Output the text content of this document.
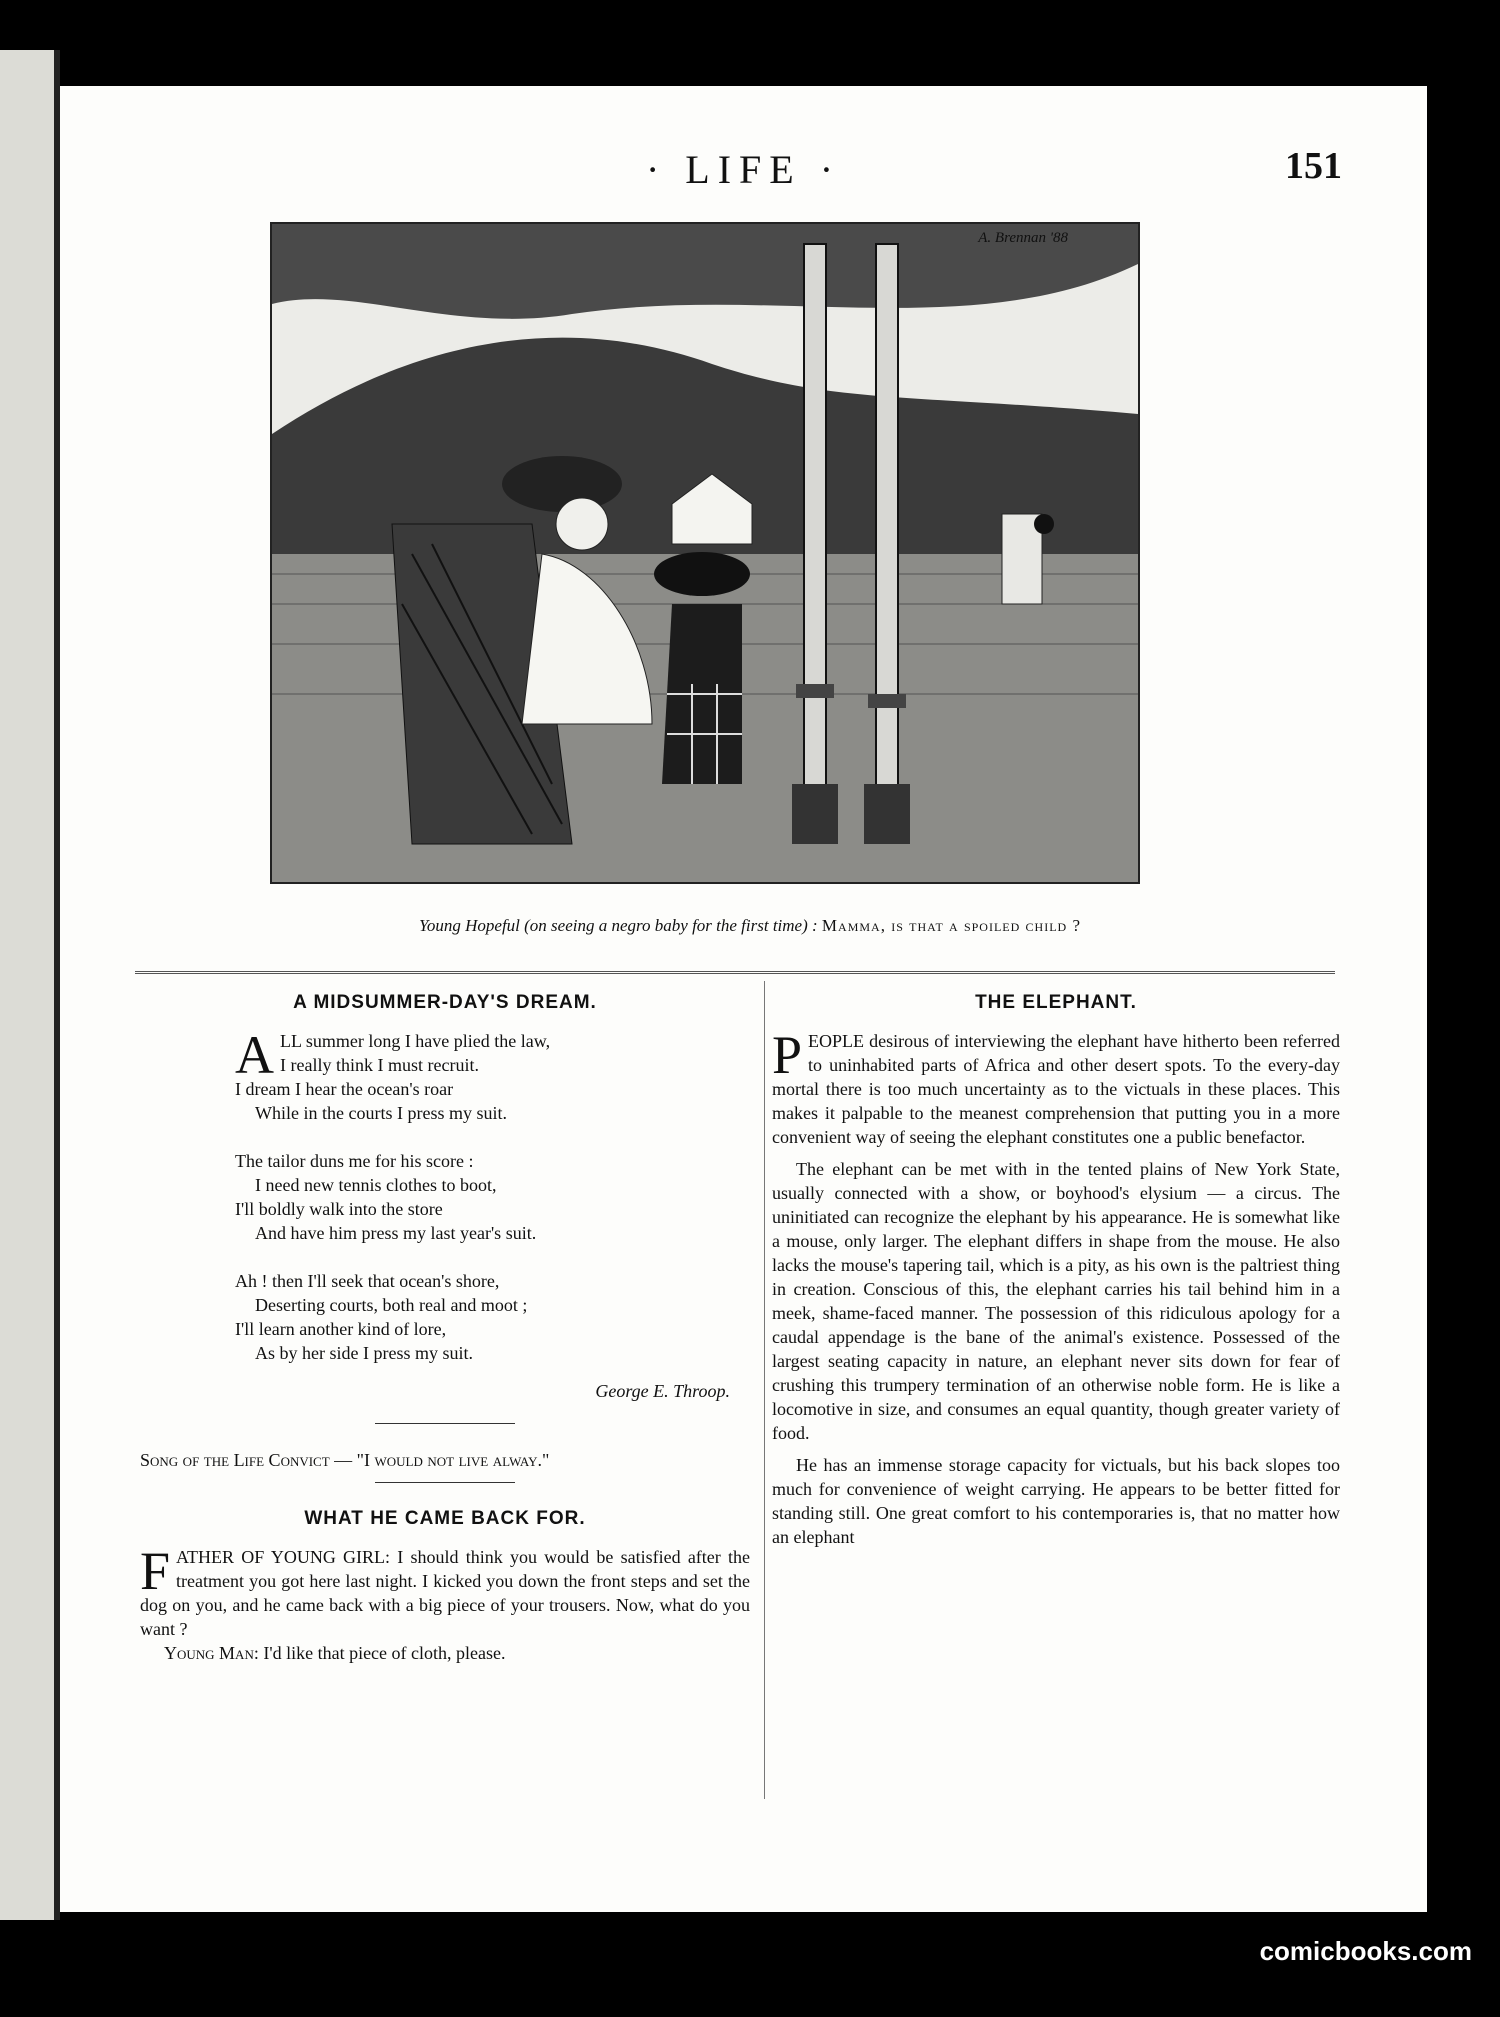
· LIFE ·	151
A. Brennan '88
Young Hopeful (on seeing a negro baby for the first time) : Mamma, is that a spoiled child ?
A MIDSUMMER-DAY'S DREAM.
A LL summer long I have plied the law,

I really think I must recruit.

I dream I hear the ocean's roar

While in the courts I press my suit.

The tailor duns me for his score :

I need new tennis clothes to boot,

I'll boldly walk into the store

And have him press my last year's suit.

Ah ! then I'll seek that ocean's shore,

Deserting courts, both real and moot ;

I'll learn another kind of lore,

As by her side I press my suit.

George E. Throop.

Song of the Life Convict — "I would not live alway."

WHAT HE CAME BACK FOR.

FATHER OF YOUNG GIRL: I should think you would be satisfied after the treatment you got here last night. I kicked you down the front steps and set the dog on you, and he came back with a big piece of your trousers. Now, what do you want ?

Young Man: I'd like that piece of cloth, please.

THE ELEPHANT.

PEOPLE desirous of interviewing the elephant have hitherto been referred to uninhabited parts of Africa and other desert spots. To the every-day mortal there is too much uncertainty as to the victuals in these places. This makes it palpable to the meanest comprehension that putting you in a more convenient way of seeing the elephant constitutes one a public benefactor.

The elephant can be met with in the tented plains of New York State, usually connected with a show, or boyhood's elysium — a circus. The uninitiated can recognize the elephant by his appearance. He is somewhat like a mouse, only larger. The elephant differs in shape from the mouse. He also lacks the mouse's tapering tail, which is a pity, as his own is the paltriest thing in creation. Conscious of this, the elephant carries his tail behind him in a meek, shame-faced manner. The possession of this ridiculous apology for a caudal appendage is the bane of the animal's existence. Possessed of the largest seating capacity in nature, an elephant never sits down for fear of crushing this trumpery termination of an otherwise noble form. He is like a locomotive in size, and consumes an equal quantity, though greater variety of food.

He has an immense storage capacity for victuals, but his back slopes too much for convenience of weight carrying. He appears to be better fitted for standing still. One great comfort to his contemporaries is, that no matter how an elephant

comicbooks.com
